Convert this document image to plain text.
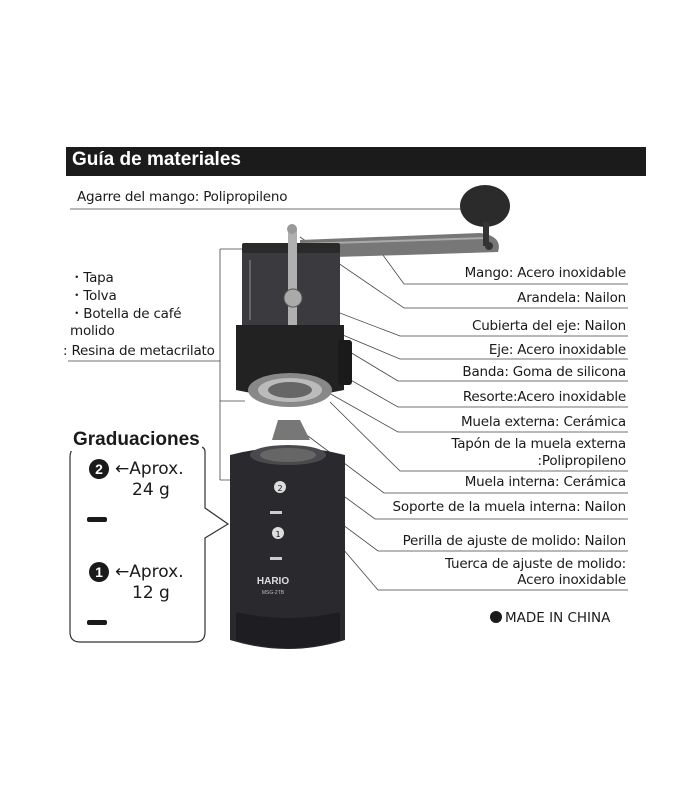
Guía de materiales
2
1
HARIO
MSG-2TB
Agarre del mango: Polipropileno
・Tapa
・Tolva
・Botella de café
molido
: Resina de metacrilato
Mango: Acero inoxidable
Arandela: Nailon
Cubierta del eje: Nailon
Eje: Acero inoxidable
Banda: Goma de silicona
Resorte:Acero inoxidable
Muela externa: Cerámica
Tapón de la muela externa
:Polipropileno
Muela interna: Cerámica
Soporte de la muela interna: Nailon
Perilla de ajuste de molido: Nailon
Tuerca de ajuste de molido:
Acero inoxidable
Graduaciones
2 ←Aprox.
24 g
1 ←Aprox.
12 g
MADE IN CHINA
